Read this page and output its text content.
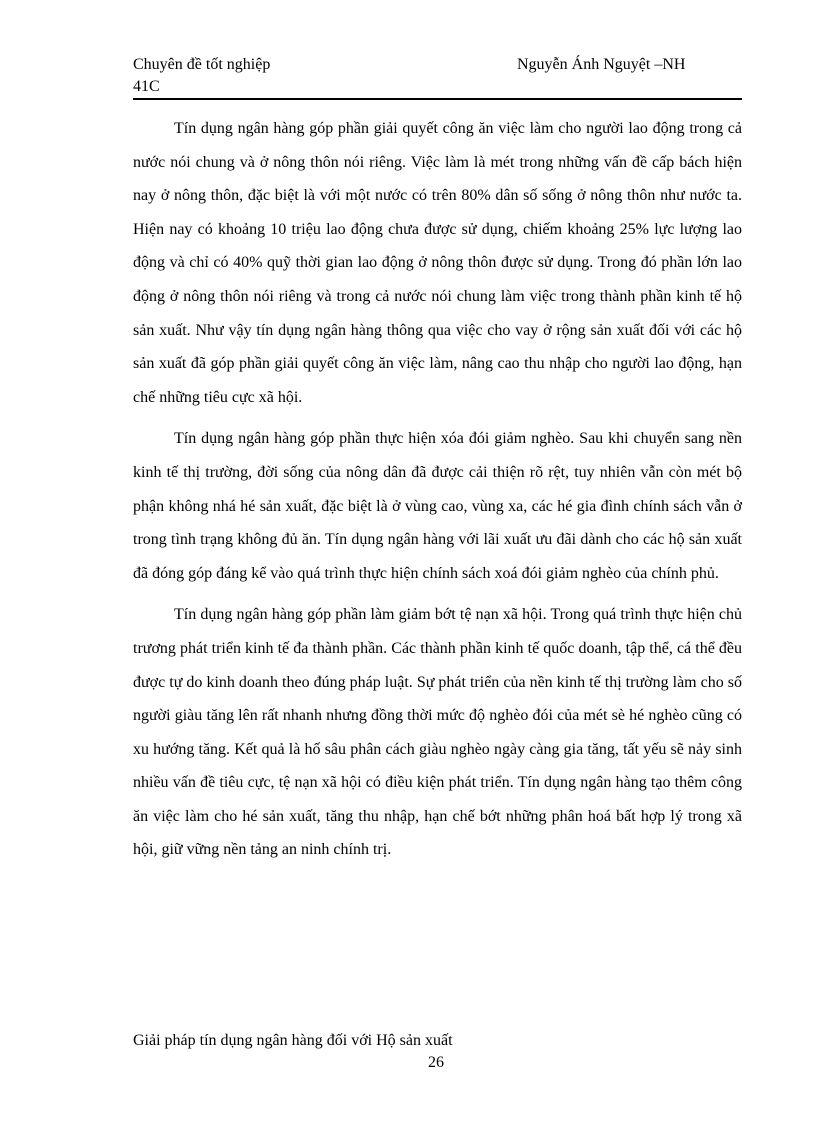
Chuyên đề tốt nghiệp
41C
Nguyễn Ánh Nguyệt –NH

Tín dụng ngân hàng góp phần giải quyết công ăn việc làm cho người lao động trong cả nước nói chung và ở nông thôn nói riêng. Việc làm là mét trong những vấn đề cấp bách hiện nay ở nông thôn, đặc biệt là với một nước có trên 80% dân số sống ở nông thôn như nước ta. Hiện nay có khoảng 10 triệu lao động chưa được sử dụng, chiếm khoảng 25% lực lượng lao động và chỉ có 40% quỹ thời gian lao động ở nông thôn được sử dụng. Trong đó phần lớn lao động ở nông thôn nói riêng và trong cả nước nói chung làm việc trong thành phần kinh tế hộ sản xuất. Như vậy tín dụng ngân hàng thông qua việc cho vay ở rộng sản xuất đối với các hộ sản xuất đã góp phần giải quyết công ăn việc làm, nâng cao thu nhập cho người lao động, hạn chế những tiêu cực xã hội.

Tín dụng ngân hàng góp phần thực hiện xóa đói giảm nghèo. Sau khi chuyển sang nền kinh tế thị trường, đời sống của nông dân đã được cải thiện rõ rệt, tuy nhiên vẫn còn mét bộ phận không nhá hé sản xuất, đặc biệt là ở vùng cao, vùng xa, các hé gia đình chính sách vẫn ở trong tình trạng không đủ ăn. Tín dụng ngân hàng với lãi xuất ưu đãi dành cho các hộ sản xuất đã đóng góp đáng kể vào quá trình thực hiện chính sách xoá đói giảm nghèo của chính phủ.

Tín dụng ngân hàng góp phần làm giảm bớt tệ nạn xã hội. Trong quá trình thực hiện chủ trương phát triển kinh tế đa thành phần. Các thành phần kinh tế quốc doanh, tập thể, cá thể đều được tự do kinh doanh theo đúng pháp luật. Sự phát triển của nền kinh tế thị trường làm cho số người giàu tăng lên rất nhanh nhưng đồng thời mức độ nghèo đói của mét sè hé nghèo cũng có xu hướng tăng. Kết quả là hố sâu phân cách giàu nghèo ngày càng gia tăng, tất yếu sẽ nảy sinh nhiều vấn đề tiêu cực, tệ nạn xã hội có điều kiện phát triển. Tín dụng ngân hàng tạo thêm công ăn việc làm cho hé sản xuất, tăng thu nhập, hạn chế bớt những phân hoá bất hợp lý trong xã hội, giữ vững nền tảng an ninh chính trị.

Giải pháp tín dụng ngân hàng đối với Hộ sản xuất
26
